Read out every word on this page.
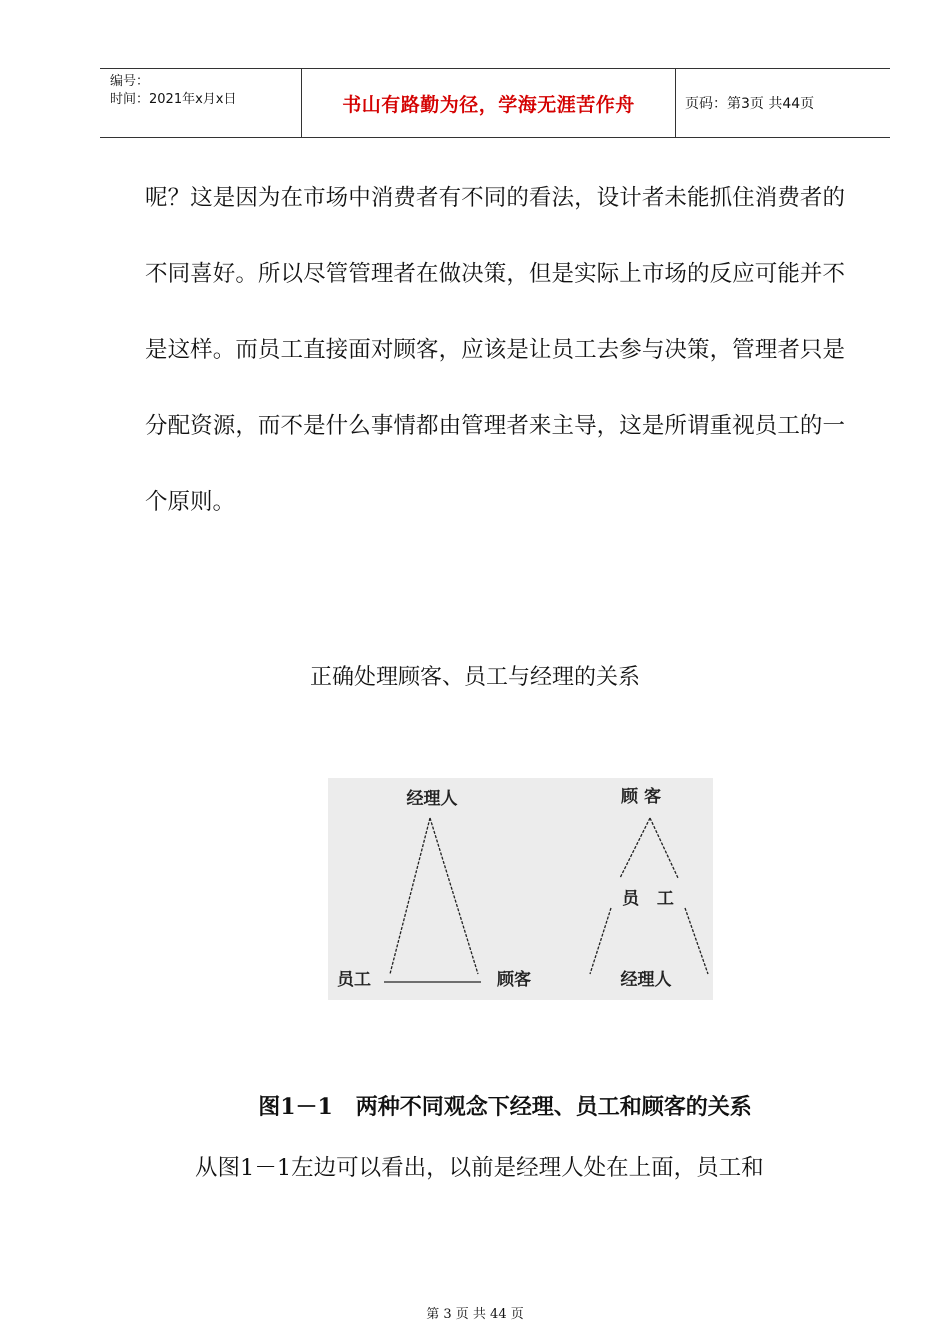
编号：
时间：2021年x月x日	书山有路勤为径，学海无涯苦作舟	页码：第3页 共44页
呢？这是因为在市场中消费者有不同的看法，设计者未能抓住消费者的不同喜好。所以尽管管理者在做决策，但是实际上市场的反应可能并不是这样。而员工直接面对顾客，应该是让员工去参与决策，管理者只是分配资源，而不是什么事情都由管理者来主导，这是所谓重视员工的一个原则。
正确处理顾客、员工与经理的关系
经理人
员工	顾客
顾 客
员   工
经理人
图1－1   两种不同观念下经理、员工和顾客的关系
从图1－1左边可以看出，以前是经理人处在上面，员工和
第 3 页 共 44 页
